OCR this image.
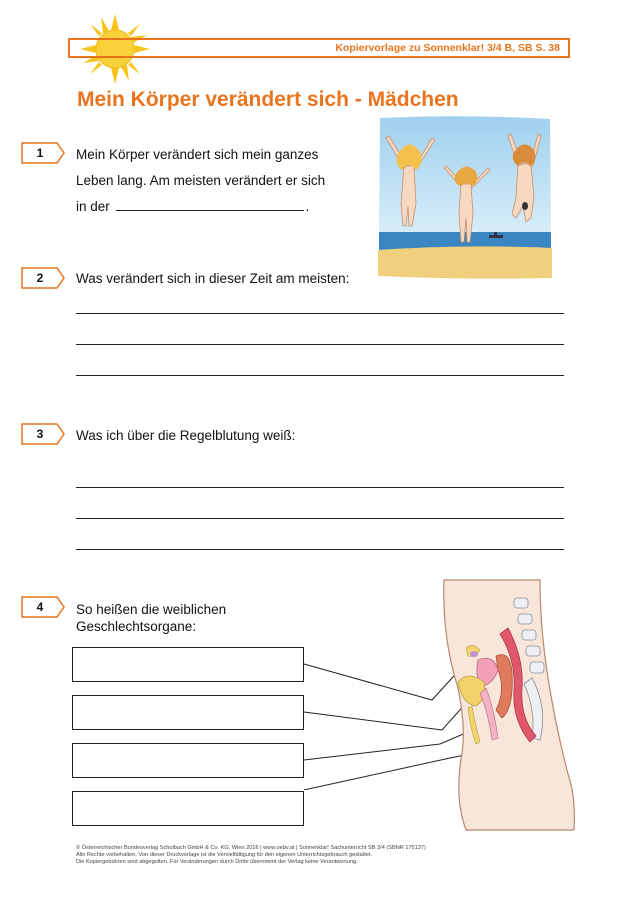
Kopiervorlage zu Sonnenklar! 3/4 B, SB S. 38
Mein Körper verändert sich - Mädchen
1	Mein Körper verändert sich mein ganzes
Leben lang. Am meisten verändert er sich
in der	.
2	Was verändert sich in dieser Zeit am meisten:
3	Was ich über die Regelblutung weiß:
4	So heißen die weiblichen
Geschlechtsorgane:
© Österreichischer Bundesverlag Schulbuch GmbH & Co. KG, Wien 2016 | www.oebv.at | Sonnenklar! Sachunterricht SB 3/4 (SBNR 175137)
Alle Rechte vorbehalten. Von dieser Druckvorlage ist die Vervielfältigung für den eigenen Unterrichtsgebrauch gestattet.
Die Kopiergebühren sind abgegolten. Für Veränderungen durch Dritte übernimmt der Verlag keine Verantwortung.
